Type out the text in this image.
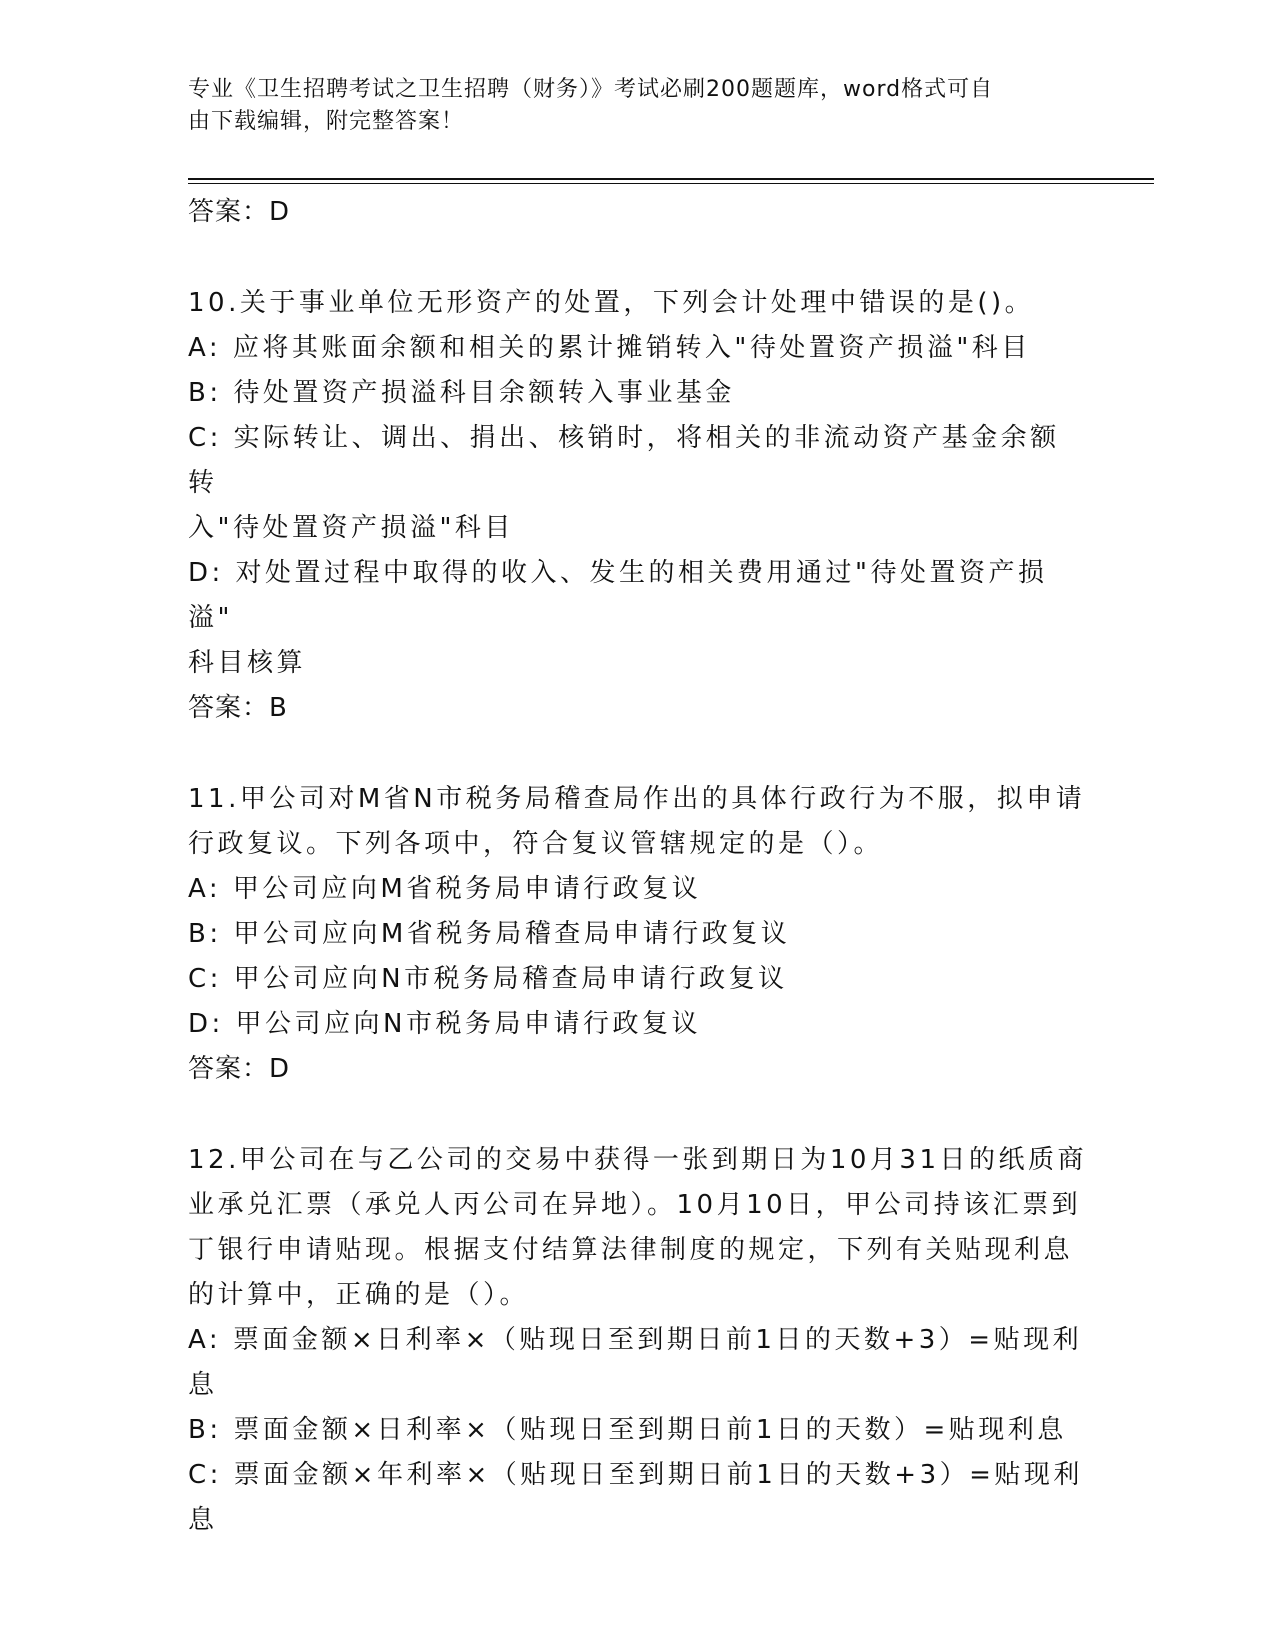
专业《卫生招聘考试之卫生招聘（财务）》考试必刷200题题库，word格式可自
由下载编辑，附完整答案！
答案：D
10.关于事业单位无形资产的处置，下列会计处理中错误的是()。
A: 应将其账面余额和相关的累计摊销转入"待处置资产损溢"科目
B: 待处置资产损溢科目余额转入事业基金
C: 实际转让、调出、捐出、核销时，将相关的非流动资产基金余额转
入"待处置资产损溢"科目
D: 对处置过程中取得的收入、发生的相关费用通过"待处置资产损溢"
科目核算
答案：B
11.甲公司对M省N市税务局稽查局作出的具体行政行为不服，拟申请
行政复议。下列各项中，符合复议管辖规定的是（）。
A: 甲公司应向M省税务局申请行政复议
B: 甲公司应向M省税务局稽查局申请行政复议
C: 甲公司应向N市税务局稽查局申请行政复议
D: 甲公司应向N市税务局申请行政复议
答案：D
12.甲公司在与乙公司的交易中获得一张到期日为10月31日的纸质商
业承兑汇票（承兑人丙公司在异地）。10月10日，甲公司持该汇票到
丁银行申请贴现。根据支付结算法律制度的规定，下列有关贴现利息
的计算中，正确的是（）。
A: 票面金额×日利率×（贴现日至到期日前1日的天数+3）=贴现利
息
B: 票面金额×日利率×（贴现日至到期日前1日的天数）=贴现利息
C: 票面金额×年利率×（贴现日至到期日前1日的天数+3）=贴现利
息
